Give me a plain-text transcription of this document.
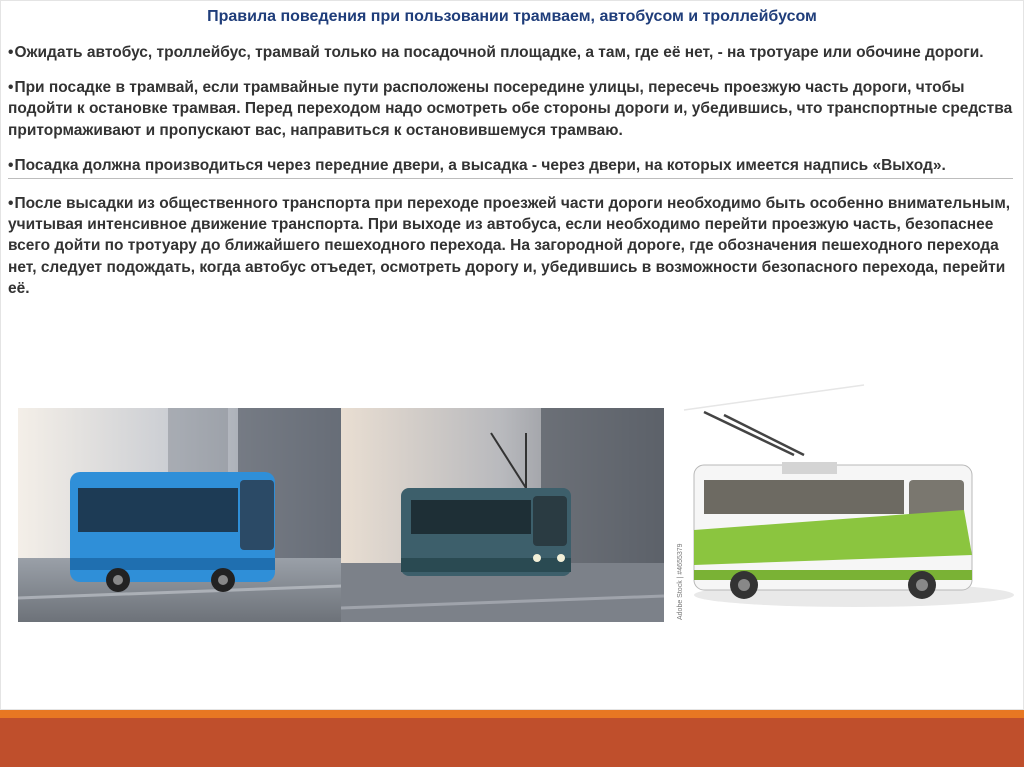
Правила поведения при пользовании трамваем, автобусом и троллейбусом

•Ожидать автобус, троллейбус, трамвай только на посадочной площадке, а там, где её нет, - на тротуаре или обочине дороги.

•При посадке в трамвай, если трамвайные пути расположены посередине улицы, пересечь проезжую часть дороги, чтобы подойти к остановке трамвая. Перед переходом надо осмотреть обе стороны дороги и, убедившись, что транспортные средства притормаживают и пропускают вас, направиться к остановившемуся трамваю.

•Посадка должна производиться через передние двери, а высадка - через двери, на которых имеется надпись «Выход».

•После высадки из общественного транспорта при переходе проезжей части дороги необходимо быть особенно внимательным, учитывая интенсивное движение транспорта. При выходе из автобуса, если необходимо перейти проезжую часть, безопаснее всего дойти по тротуару до ближайшего пешеходного перехода. На загородной дороге, где обозначения пешеходного перехода нет, следует подождать, когда автобус отъедет, осмотреть дорогу и, убедившись в возможности безопасного перехода, перейти её.

Adobe Stock | #4655379
